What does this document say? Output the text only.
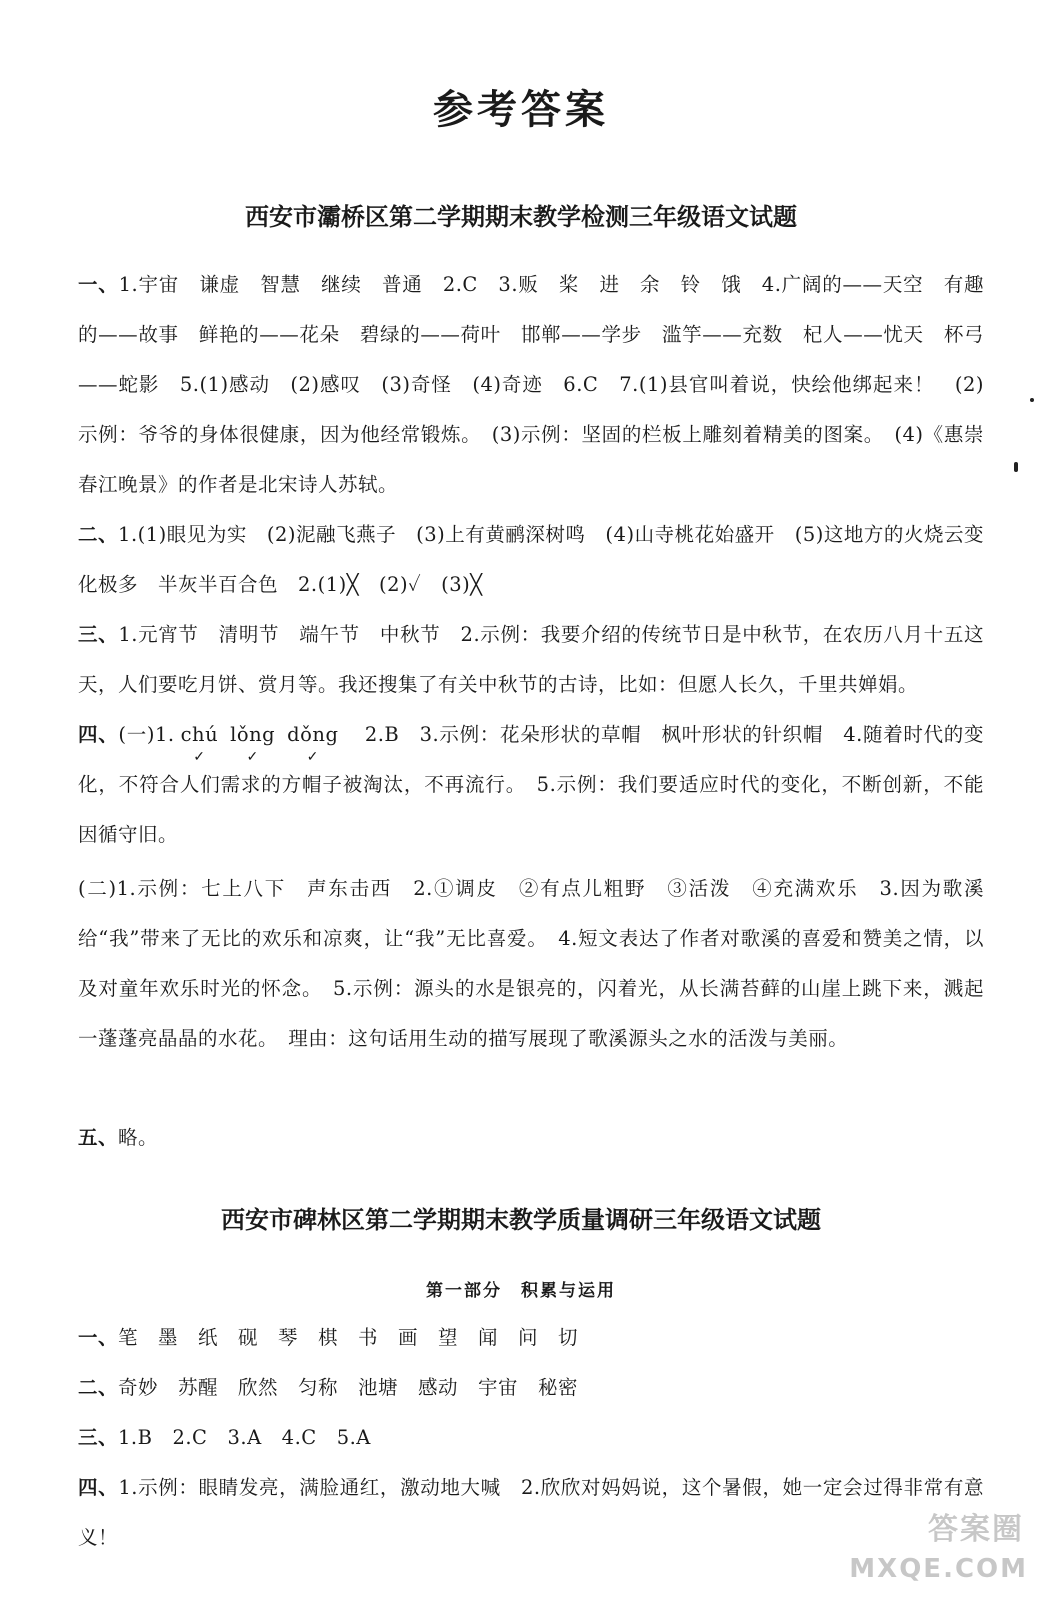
参考答案
西安市灞桥区第二学期期末教学检测三年级语文试题
一、1.宇宙　谦虚　智慧　继续　普通　2.C　3.贩　桨　进　余　铃　饿　4.广阔的——天空　有趣的——故事　鲜艳的——花朵　碧绿的——荷叶　邯郸——学步　滥竽——充数　杞人——忧天　杯弓——蛇影　5.(1)感动　(2)感叹　(3)奇怪　(4)奇迹　6.C　7.(1)县官叫着说，快绘他绑起来！　(2)示例：爷爷的身体很健康，因为他经常锻炼。　(3)示例：坚固的栏板上雕刻着精美的图案。　(4)《惠崇春江晚景》的作者是北宋诗人苏轼。
二、1.(1)眼见为实　(2)泥融飞燕子　(3)上有黄鹂深树鸣　(4)山寺桃花始盛开　(5)这地方的火烧云变化极多　半灰半百合色　2.(1)╳　(2)✓　(3)╳
三、1.元宵节　清明节　端午节　中秋节　2.示例：我要介绍的传统节日是中秋节，在农历八月十五这天，人们要吃月饼、赏月等。我还搜集了有关中秋节的古诗，比如：但愿人长久，千里共婵娟。
四、(一)1. chú
✓
lǒng
✓
dǒng
✓
　2.B　3.示例：花朵形状的草帽　枫叶形状的针织帽　4.随着时代的变化，不符合人们需求的方帽子被淘汰，不再流行。　5.示例：我们要适应时代的变化，不断创新，不能因循守旧。
(二)1.示例：七上八下　声东击西　2.①调皮　②有点儿粗野　③活泼　④充满欢乐　3.因为歌溪给“我”带来了无比的欢乐和凉爽，让“我”无比喜爱。　4.短文表达了作者对歌溪的喜爱和赞美之情，以及对童年欢乐时光的怀念。　5.示例：源头的水是银亮的，闪着光，从长满苔藓的山崖上跳下来，溅起一蓬蓬亮晶晶的水花。　理由：这句话用生动的描写展现了歌溪源头之水的活泼与美丽。
五、略。
西安市碑林区第二学期期末教学质量调研三年级语文试题
第一部分　积累与运用
一、笔　墨　纸　砚　琴　棋　书　画　望　闻　问　切
二、奇妙　苏醒　欣然　匀称　池塘　感动　宇宙　秘密
三、1.B　2.C　3.A　4.C　5.A
四、1.示例：眼睛发亮，满脸通红，激动地大喊　2.欣欣对妈妈说，这个暑假，她一定会过得非常有意义！	答案圈
MXQE.COM
